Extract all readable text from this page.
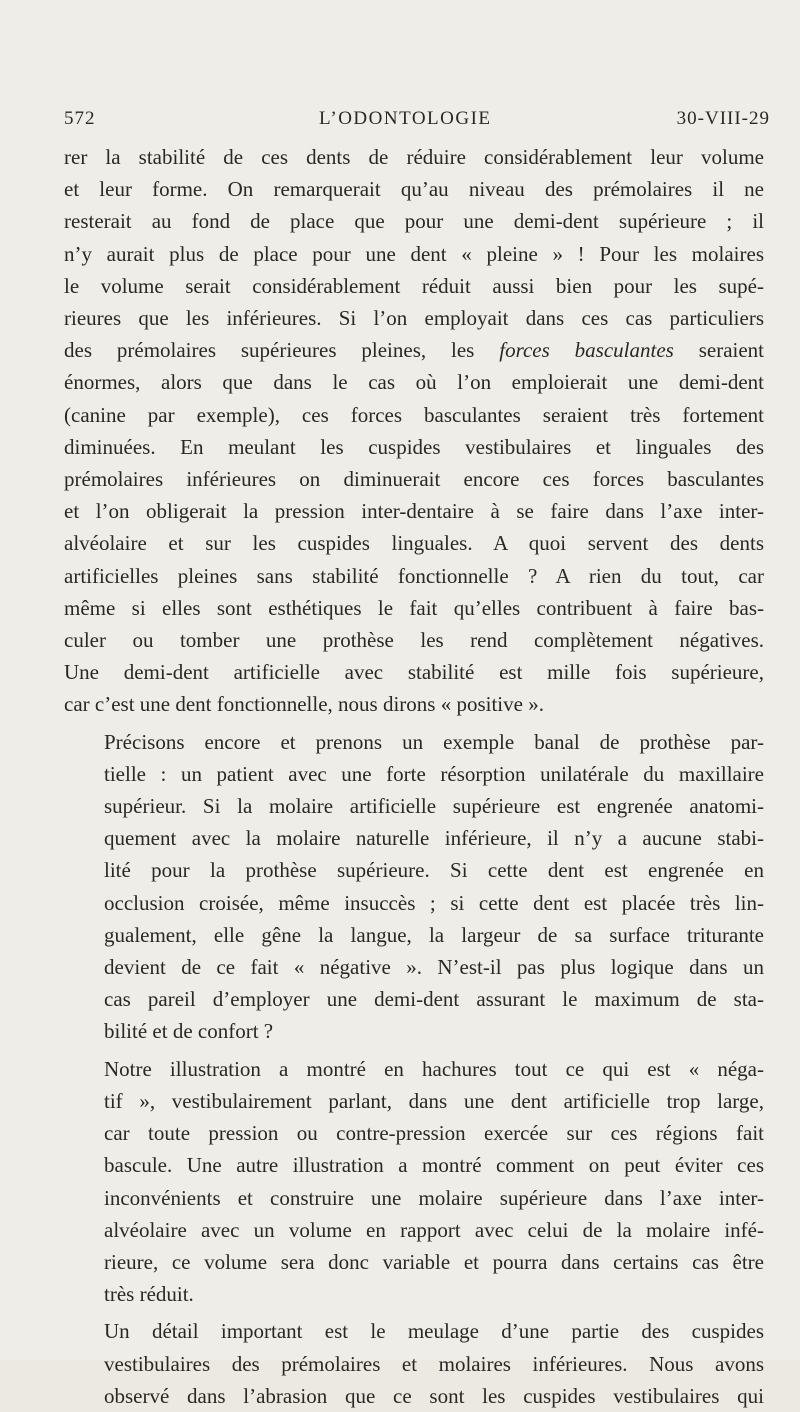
572	L’ODONTOLOGIE	30-VIII-29

rer la stabilité de ces dents de réduire considérablement leur volume
et leur forme. On remarquerait qu’au niveau des prémolaires il ne
resterait au fond de place que pour une demi-dent supérieure ; il
n’y aurait plus de place pour une dent « pleine » ! Pour les molaires
le volume serait considérablement réduit aussi bien pour les supé-
rieures que les inférieures. Si l’on employait dans ces cas particuliers
des prémolaires supérieures pleines, les forces basculantes seraient
énormes, alors que dans le cas où l’on emploierait une demi-dent
(canine par exemple), ces forces basculantes seraient très fortement
diminuées. En meulant les cuspides vestibulaires et linguales des
prémolaires inférieures on diminuerait encore ces forces basculantes
et l’on obligerait la pression inter-dentaire à se faire dans l’axe inter-
alvéolaire et sur les cuspides linguales. A quoi servent des dents
artificielles pleines sans stabilité fonctionnelle ? A rien du tout, car
même si elles sont esthétiques le fait qu’elles contribuent à faire bas-
culer ou tomber une prothèse les rend complètement négatives.
Une demi-dent artificielle avec stabilité est mille fois supérieure,
car c’est une dent fonctionnelle, nous dirons « positive ».

Précisons encore et prenons un exemple banal de prothèse par-
tielle : un patient avec une forte résorption unilatérale du maxillaire
supérieur. Si la molaire artificielle supérieure est engrenée anatomi-
quement avec la molaire naturelle inférieure, il n’y a aucune stabi-
lité pour la prothèse supérieure. Si cette dent est engrenée en
occlusion croisée, même insuccès ; si cette dent est placée très lin-
gualement, elle gêne la langue, la largeur de sa surface triturante
devient de ce fait « négative ». N’est-il pas plus logique dans un
cas pareil d’employer une demi-dent assurant le maximum de sta-
bilité et de confort ?

Notre illustration a montré en hachures tout ce qui est « néga-
tif », vestibulairement parlant, dans une dent artificielle trop large,
car toute pression ou contre-pression exercée sur ces régions fait
bascule. Une autre illustration a montré comment on peut éviter ces
inconvénients et construire une molaire supérieure dans l’axe inter-
alvéolaire avec un volume en rapport avec celui de la molaire infé-
rieure, ce volume sera donc variable et pourra dans certains cas être
très réduit.

Un détail important est le meulage d’une partie des cuspides
vestibulaires des prémolaires et molaires inférieures. Nous avons
observé dans l’abrasion que ce sont les cuspides vestibulaires qui
